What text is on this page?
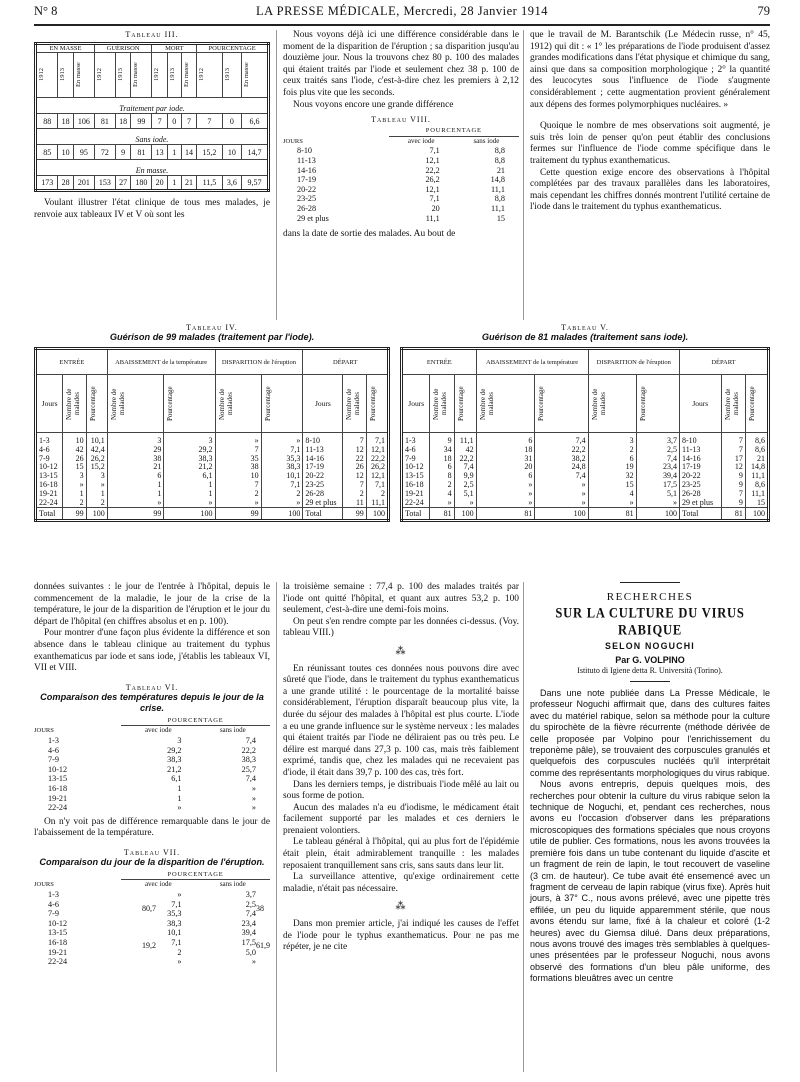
N° 8	LA PRESSE MÉDICALE, Mercredi, 28 Janvier 1914	79
Tableau III.
EN MASSE			GUÉRISON			MORT			POURCENTAGE		

1912	1913	En masse	1912	1913	En masse	1912	1913	En masse	1912	1913	En masse

Traitement par iode.											
88	18	106	81	18	99	7	0	7	7	0	6,6
Sans iode.											
85	10	95	72	9	81	13	1	14	15,2	10	14,7
En masse.											
173	28	201	153	27	180	20	1	21	11,5	3,6	9,57
Voulant illustrer l'état clinique de tous mes malades, je renvoie aux tableaux IV et V où sont les

Nous voyons déjà ici une différence considérable dans le moment de la disparition de l'éruption ; sa disparition jusqu'au douzième jour. Nous la trouvons chez 80 p. 100 des malades qui étaient traités par l'iode et seulement chez 38 p. 100 de ceux traités sans l'iode, c'est-à-dire chez les premiers à 2,12 fois plus vite que les seconds.

Nous voyons encore une grande différence

Tableau VIII.
	POURCENTAGE	
JOURS	avec iode	sans iode
8-10	7,1	8,8
11-13	12,1	8,8
14-16	22,2	21
17-19	26,2	14,8
20-22	12,1	11,1
23-25	7,1	8,8
26-28	20	11,1
29 et plus	11,1	15
dans la date de sortie des malades. Au bout de
que le travail de M. Barantschik (Le Médecin russe, n° 45, 1912) qui dit : « 1° les préparations de l'iode produisent d'assez grandes modifications dans l'état physique et chimique du sang, ainsi que dans sa composition morphologique ; 2° la quantité des leucocytes sous l'influence de l'iode s'augmente considérablement ; cette augmentation provient généralement aux dépens des formes polymorphiques nucléaires. »

Quoique le nombre de mes observations soit augmenté, je suis très loin de penser qu'on peut établir des conclusions fermes sur l'influence de l'iode comme spécifique dans le traitement du typhus exanthematicus.

Cette question exige encore des observations à l'hôpital complétées par des travaux parallèles dans les laboratoires, mais cependant les chiffres donnés montrent l'utilité certaine de l'iode dans le traitement du typhus exanthematicus.

Tableau IV.
Guérison de 99 malades (traitement par l'iode).
ENTRÉE			ABAISSEMENT de la température		DISPARITION de l'éruption		DÉPART		
Jours	Nombre de malades	Pourcentage	Nombre de malades	Pourcentage	Nombre de malades	Pourcentage	Jours	Nombre de malades	Pourcentage

1-3	10	10,1	3	3	»	»	8-10	7	7,1
4-6	42	42,4	29	29,2	7	7,1	11-13	12	12,1
7-9	26	26,2	38	38,3	35	35,3	14-16	22	22,2
10-12	15	15,2	21	21,2	38	38,3	17-19	26	26,2
13-15	3	3	6	6,1	10	10,1	20-22	12	12,1
16-18	»	»	1	1	7	7,1	23-25	7	7,1
19-21	1	1	1	1	2	2	26-28	2	2
22-24	2	2	»	»	»	»	29 et plus	11	11,1
Total	99	100	99	100	99	100	Total	99	100
Tableau V.
Guérison de 81 malades (traitement sans iode).
ENTRÉE			ABAISSEMENT de la température		DISPARITION de l'éruption		DÉPART		
Jours	Nombre de malades	Pourcentage	Nombre de malades	Pourcentage	Nombre de malades	Pourcentage	Jours	Nombre de malades	Pourcentage

1-3	9	11,1	6	7,4	3	3,7	8-10	7	8,6
4-6	34	42	18	22,2	2	2,5	11-13	7	8,6
7-9	18	22,2	31	38,2	6	7,4	14-16	17	21
10-12	6	7,4	20	24,8	19	23,4	17-19	12	14,8
13-15	8	9,9	6	7,4	32	39,4	20-22	9	11,1
16-18	2	2,5	»	»	15	17,5	23-25	9	8,6
19-21	4	5,1	»	»	4	5,1	26-28	7	11,1
22-24	»	»	»	»	»	»	29 et plus	9	15
Total	81	100	81	100	81	100	Total	81	100
données suivantes : le jour de l'entrée à l'hôpital, depuis le commencement de la maladie, le jour de la crise de la température, le jour de la disparition de l'éruption et le jour du départ de l'hôpital (en chiffres absolus et en p. 100).

Pour montrer d'une façon plus évidente la différence et son absence dans le tableau clinique au traitement du typhus exanthematicus par iode et sans iode, j'établis les tableaux VI, VII et VIII.

Tableau VI.
Comparaison des températures depuis le jour de la crise.
	POURCENTAGE	
JOURS	avec iode	sans iode
1-3	3	7,4
4-6	29,2	22,2
7-9	38,3	38,3
10-12	21,2	25,7
13-15	6,1	7,4
16-18	1	»
19-21	1	»
22-24	»	»
On n'y voit pas de différence remarquable dans le jour de l'abaissement de la température.
Tableau VII.
Comparaison du jour de la disparition de l'éruption.
	POURCENTAGE	
JOURS	avec iode	sans iode
1-3	»	3,7
4-6	7,1	2,5
7-9	35,3	7,4
10-12	38,3	23,4
13-15	10,1	39,4
16-18	7,1	17,5
19-21	2	5,0
22-24	»	»
80,7	38
19,2	61,9
la troisième semaine : 77,4 p. 100 des malades traités par l'iode ont quitté l'hôpital, et quant aux autres 53,2 p. 100 seulement, c'est-à-dire une demi-fois moins.

On peut s'en rendre compte par les données ci-dessus. (Voy. tableau VIII.)

⁂

En réunissant toutes ces données nous pouvons dire avec sûreté que l'iode, dans le traitement du typhus exanthematicus a une grande utilité : le pourcentage de la mortalité baisse considérablement, l'éruption disparaît beaucoup plus vite, la durée du séjour des malades à l'hôpital est plus courte. L'iode a eu une grande influence sur le système nerveux : les malades qui étaient traités par l'iode ne déliraient pas ou très peu. Le délire est marqué dans 27,3 p. 100 cas, mais très faiblement exprimé, tandis que, chez les malades qui ne recevaient pas d'iode, il était dans 39,7 p. 100 des cas, très fort.

Dans les derniers temps, je distribuais l'iode mêlé au lait ou sous forme de potion.

Aucun des malades n'a eu d'iodisme, le médicament était facilement supporté par les malades et ces derniers le prenaient volontiers.

Le tableau général à l'hôpital, qui au plus fort de l'épidémie était plein, était admirablement tranquille : les malades reposaient tranquillement sans cris, sans sauts dans leur lit.

La surveillance attentive, qu'exige ordinairement cette maladie, n'était pas nécessaire.

⁂

Dans mon premier article, j'ai indiqué les causes de l'effet de l'iode pour le typhus exanthematicus. Pour ne pas me répéter, je ne cite

RECHERCHES
SUR LA CULTURE DU VIRUS RABIQUE
SELON NOGUCHI
Par G. VOLPINO
Istituto di Igiene detta R. Università (Torino).

Dans une note publiée dans La Presse Médicale, le professeur Noguchi affirmait que, dans des cultures faites avec du matériel rabique, selon sa méthode pour la culture du spirochète de la fièvre récurrente (méthode dérivée de celle proposée par Volpino pour l'enrichissement du treponème pâle), se trouvaient des corpuscules granulés et quelquefois des corpuscules nucléés qu'il interprétait comme des représentants morphologiques du virus rabique.

Nous avons entrepris, depuis quelques mois, des recherches pour obtenir la culture du virus rabique selon la technique de Noguchi, et, pendant ces recherches, nous avons eu l'occasion d'observer dans les préparations microscopiques des formations spéciales que nous croyons utile de publier. Ces formations, nous les avons trouvées la première fois dans un tube contenant du liquide d'ascite et un fragment de rein de lapin, le tout recouvert de vaseline (3 cm. de hauteur). Ce tube avait été ensemencé avec un fragment de cerveau de lapin rabique (virus fixe). Après huit jours, à 37° C., nous avons prélevé, avec une pipette très effilée, un peu du liquide apparemment stérile, que nous avons étendu sur lame, fixé à la chaleur et coloré (1-2 heures) avec du Giemsa dilué. Dans deux préparations, nous avons trouvé des images très semblables à quelques-unes présentées par le professeur Noguchi, nous avons observé des formations d'un bleu pâle uniforme, des formations bleuâtres avec un centre
